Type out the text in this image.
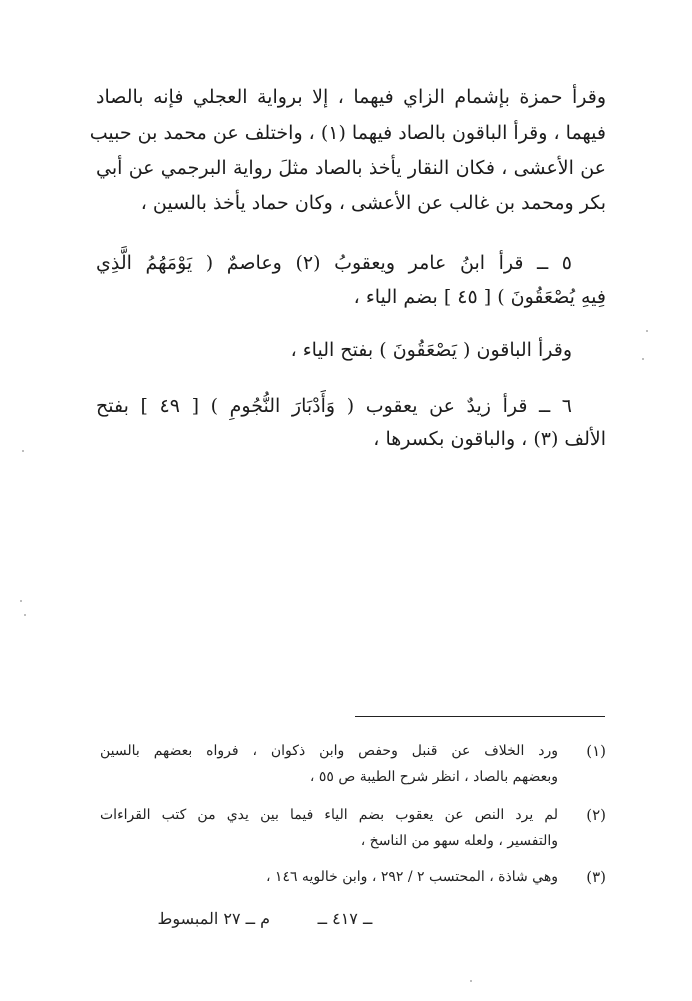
وقرأ حمزة بإشمام الزاي فيهما ، إلا برواية العجلي فإنه بالصاد
فيهما ، وقرأ الباقون بالصاد فيهما (١) ، واختلف عن محمد بن حبيب
عن الأعشى ، فكان النقار يأخذ بالصاد مثلَ رواية البرجمي عن أبي
بكر ومحمد بن غالب عن الأعشى ، وكان حماد يأخذ بالسين ،
٥ ــ قرأ ابنُ عامر ويعقوبُ (٢) وعاصمٌ ( يَوْمَهُمُ الَّذِي
فِيهِ يُصْعَقُونَ ) [ ٤٥ ] بضم الياء ،
وقرأ الباقون ( يَصْعَقُونَ ) بفتح الياء ،
٦ ــ قرأ زيدٌ عن يعقوب ( وَأَدْبَارَ النُّجُومِ ) [ ٤٩ ] بفتح
الألف (٣) ، والباقون بكسرها ،
(١)
ورد الخلاف عن قنبل وحفص وابن ذكوان ، فرواه بعضهم بالسين
وبعضهم بالصاد ، انظر شرح الطيبة ص ٥٥ ،
(٢)
لم يرد النص عن يعقوب بضم الياء فيما بين يدي من كتب القراءات
والتفسير ، ولعله سهو من الناسخ ،
(٣)
وهي شاذة ، المحتسب ٢ / ٢٩٢ ، وابن خالويه ١٤٦ ،
ــ ٤١٧ ــ
م ــ ٢٧ المبسوط
